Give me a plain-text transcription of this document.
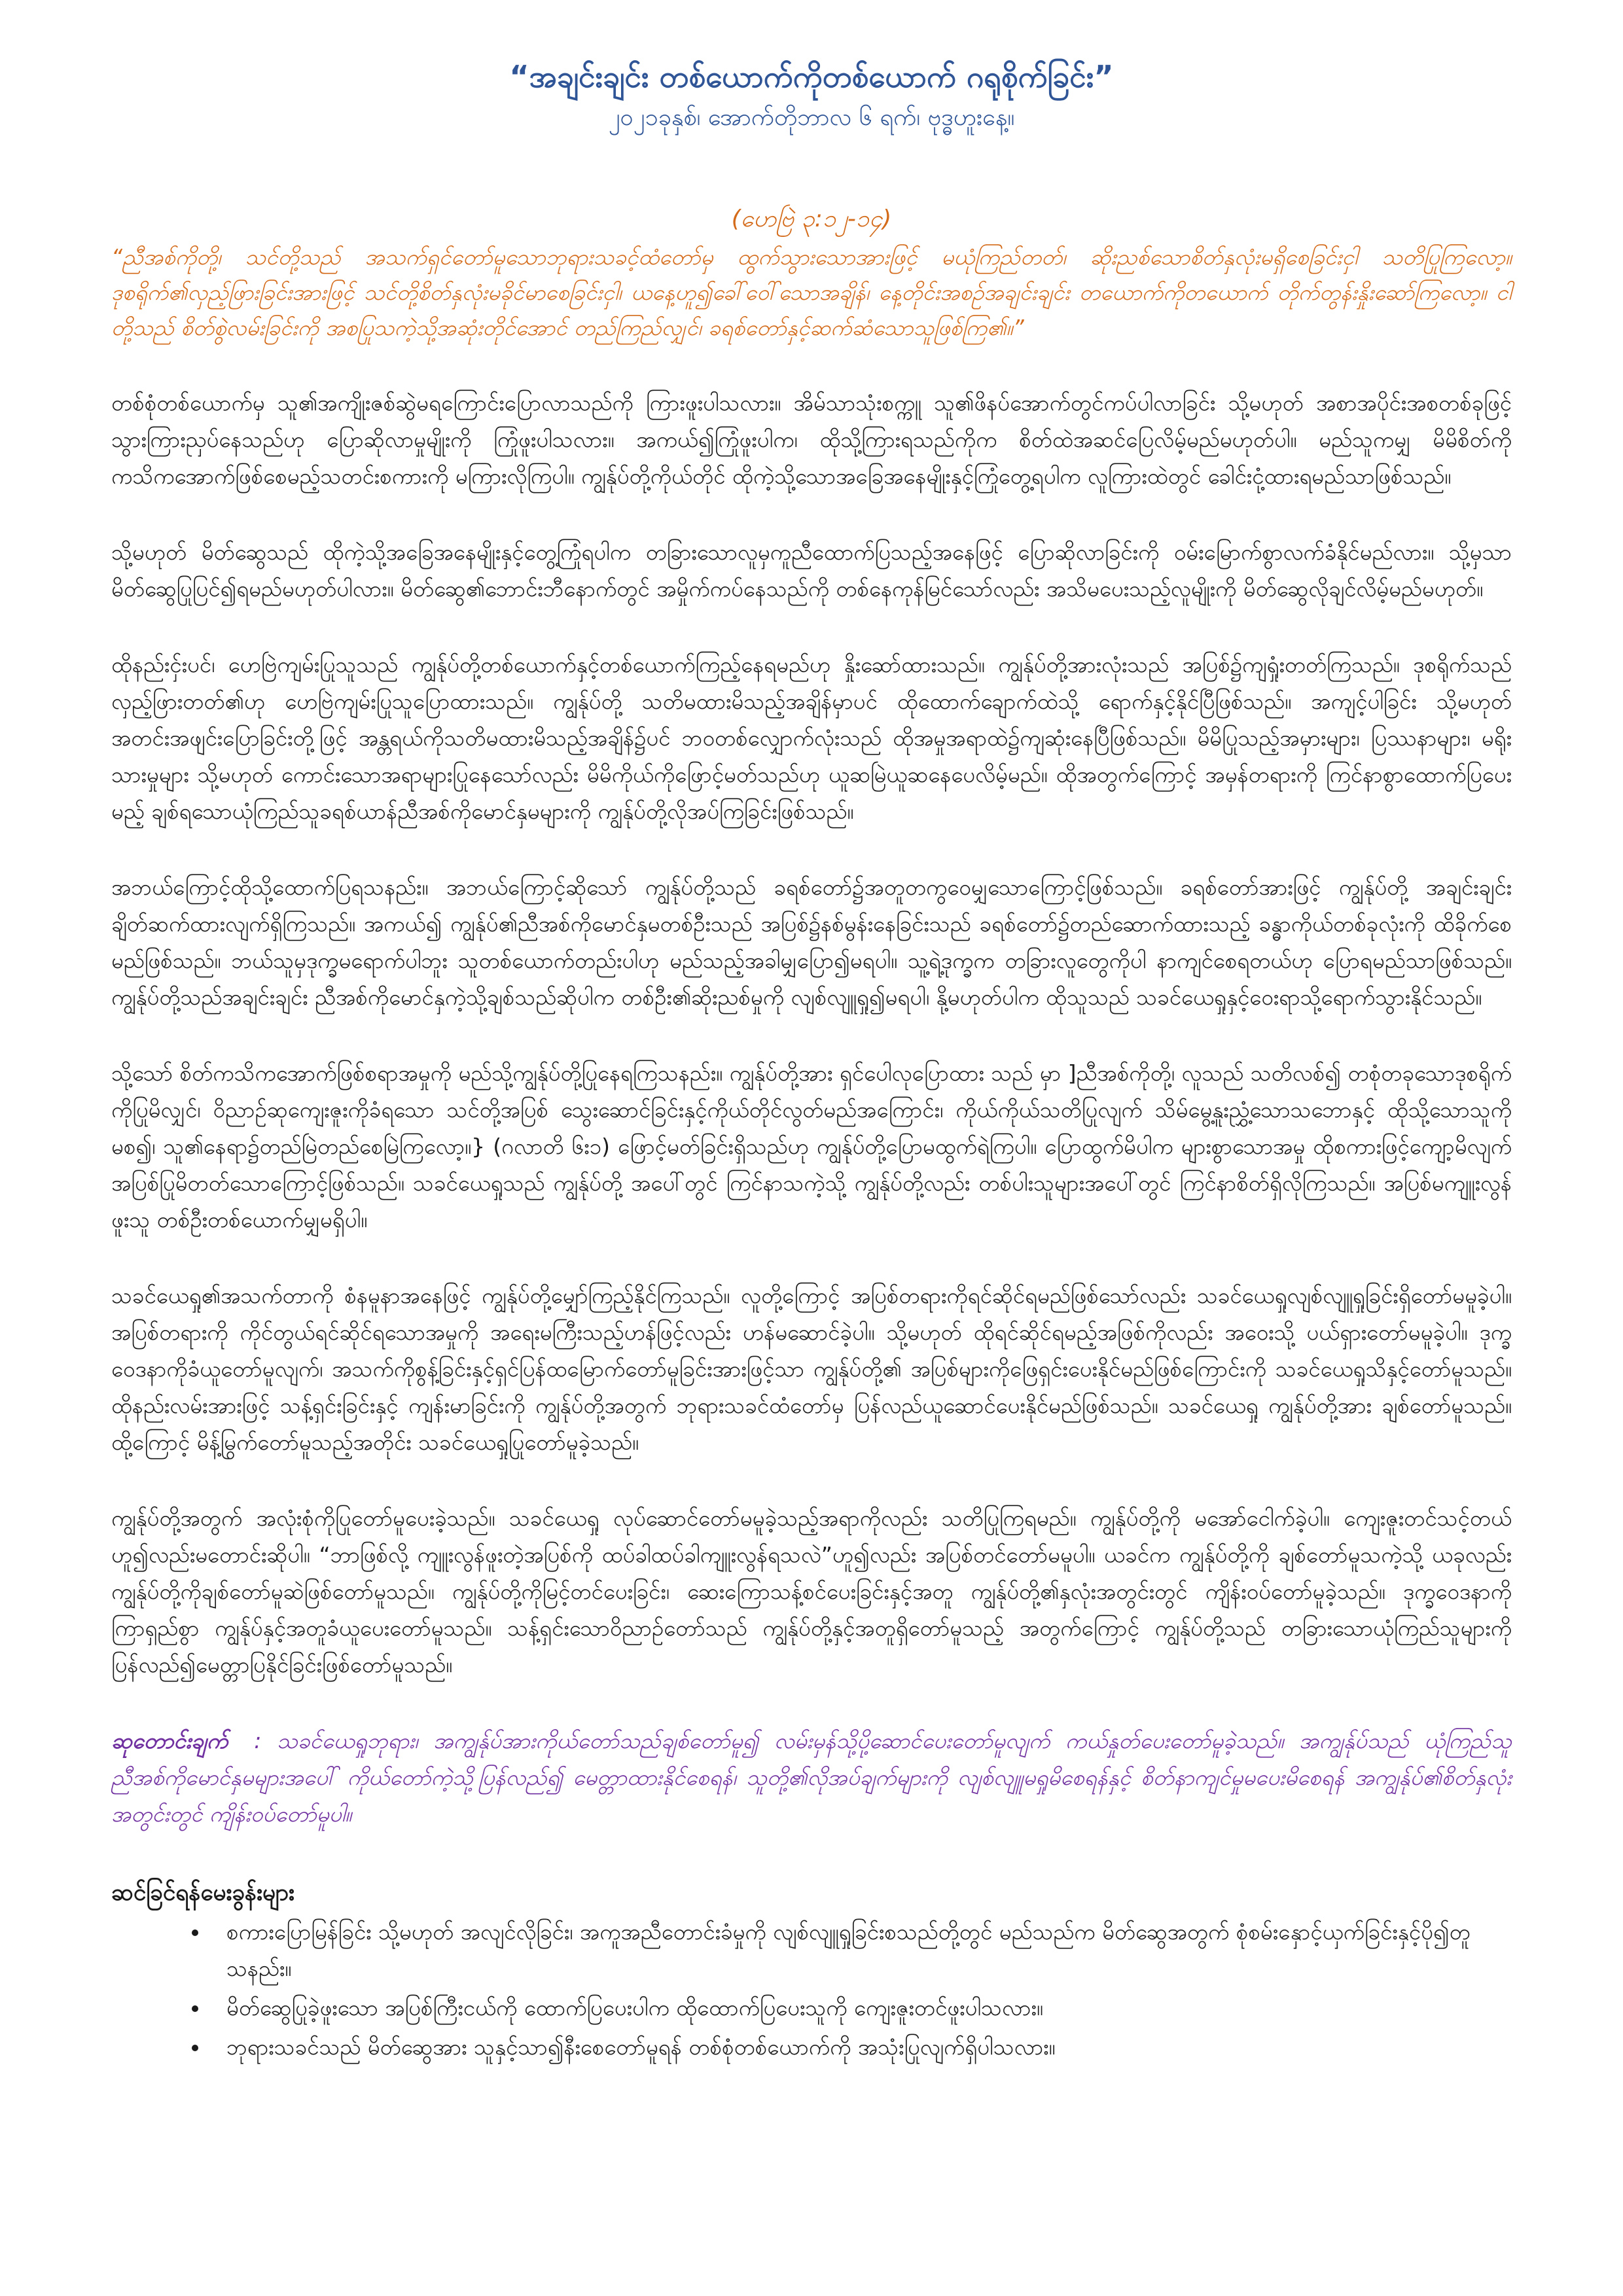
“အချင်းချင်း တစ်ယောက်ကိုတစ်ယောက် ဂရုစိုက်ခြင်း”

၂၀၂၁ခုနှစ်၊ အောက်တိုဘာလ ၆ ရက်၊ ဗုဒ္ဓဟူးနေ့။

(ဟေဗြဲ ၃:၁၂-၁၄)

“ညီအစ်ကိုတို့၊ သင်တို့သည် အသက်ရှင်တော်မူသောဘုရားသခင့်ထံတော်မှ ထွက်သွားသောအားဖြင့် မယုံကြည်တတ်၊ ဆိုးညစ်သောစိတ်နှလုံးမရှိစေခြင်းငှါ သတိပြုကြလော့။ ဒုစရိုက်၏လှည့်ဖြားခြင်းအားဖြင့် သင်တို့စိတ်နှလုံးမခိုင်မာစေခြင်းငှါ၊ ယနေ့ဟူ၍ခေါ်ဝေါ်သောအချိန်၊ နေ့တိုင်းအစဉ်အချင်းချင်း တယောက်ကိုတယောက် တိုက်တွန်းနှိုးဆော်ကြလော့။ ငါတို့သည် စိတ်စွဲလမ်းခြင်းကို အစပြုသကဲ့သို့အဆုံးတိုင်အောင် တည်ကြည်လျှင်၊ ခရစ်တော်နှင့်ဆက်ဆံသောသူဖြစ်ကြ၏။”

တစ်စုံတစ်ယောက်မှ သူ၏အကျိုးဇစ်ဆွဲမရကြောင်းပြောလာသည်ကို ကြားဖူးပါသလား။ အိမ်သာသုံးစက္ကူ သူ၏ဖိနပ်အောက်တွင်ကပ်ပါလာခြင်း သို့မဟုတ် အစာအပိုင်းအစတစ်ခုဖြင့် သွားကြားညှပ်နေသည်ဟု ပြောဆိုလာမှုမျိုးကို ကြုံဖူးပါသလား။ အကယ်၍ကြုံဖူးပါက၊ ထိုသို့ကြားရသည်ကိုက စိတ်ထဲအဆင်ပြေလိမ့်မည်မဟုတ်ပါ။ မည်သူကမျှ မိမိစိတ်ကို ကသိကအောက်ဖြစ်စေမည့်သတင်းစကားကို မကြားလိုကြပါ။ ကျွန်ုပ်တို့ကိုယ်တိုင် ထိုကဲ့သို့သောအခြေအနေမျိုးနှင့်ကြုံတွေ့ရပါက လူကြားထဲတွင် ခေါင်းငုံ့ထားရမည်သာဖြစ်သည်။

သို့မဟုတ် မိတ်ဆွေသည် ထိုကဲ့သို့အခြေအနေမျိုးနှင့်တွေ့ကြုံရပါက တခြားသောလူမှကူညီထောက်ပြသည့်အနေဖြင့် ပြောဆိုလာခြင်းကို ဝမ်းမြောက်စွာလက်ခံနိုင်မည်လား။ သို့မှသာ မိတ်ဆွေပြုပြင်၍ရမည်မဟုတ်ပါလား။ မိတ်ဆွေ၏ဘောင်းဘီနောက်တွင် အမှိုက်ကပ်နေသည်ကို တစ်နေကုန်မြင်သော်လည်း အသိမပေးသည့်လူမျိုးကို မိတ်ဆွေလိုချင်လိမ့်မည်မဟုတ်။

ထိုနည်းငှ်းပင်၊ ဟေဗြဲကျမ်းပြုသူသည် ကျွန်ုပ်တို့တစ်ယောက်နှင့်တစ်ယောက်ကြည့်နေရမည်ဟု နှိုးဆော်ထားသည်။ ကျွန်ုပ်တို့အားလုံးသည် အပြစ်၌ကျရှုံးတတ်ကြသည်။ ဒုစရိုက်သည်လှည့်ဖြားတတ်၏ဟု ဟေဗြဲကျမ်းပြုသူပြောထားသည်။ ကျွန်ုပ်တို့ သတိမထားမိသည့်အချိန်မှာပင် ထိုထောက်ချောက်ထဲသို့ ရောက်နှင့်နိုင်ပြီဖြစ်သည်။ အကျင့်ပါခြင်း သို့မဟုတ် အတင်းအဖျင်းပြောခြင်းတို့ဖြင့် အန္တရယ်ကိုသတိမထားမိသည့်အချိန်၌ပင် ဘဝတစ်လျှောက်လုံးသည် ထိုအမှုအရာထဲ၌ကျဆုံးနေပြီဖြစ်သည်။ မိမိပြုသည့်အမှားများ၊ ပြဿနာများ၊ မရိုးသားမှုများ သို့မဟုတ် ကောင်းသောအရာများပြုနေသော်လည်း မိမိကိုယ်ကိုဖြောင့်မတ်သည်ဟု ယူဆမြဲယူဆနေပေလိမ့်မည်။ ထိုအတွက်ကြောင့် အမှန်တရားကို ကြင်နာစွာထောက်ပြပေးမည့် ချစ်ရသောယုံကြည်သူခရစ်ယာန်ညီအစ်ကိုမောင်နှမများကို ကျွန်ုပ်တို့လိုအပ်ကြခြင်းဖြစ်သည်။

အဘယ်ကြောင့်ထိုသို့ထောက်ပြရသနည်း။ အဘယ်ကြောင့်ဆိုသော် ကျွန်ုပ်တို့သည် ခရစ်တော်၌အတူတကွဝေမျှသောကြောင့်ဖြစ်သည်။ ခရစ်တော်အားဖြင့် ကျွန်ုပ်တို့ အချင်းချင်းချိတ်ဆက်ထားလျက်ရှိကြသည်။ အကယ်၍ ကျွန်ုပ်၏ညီအစ်ကိုမောင်နှမတစ်ဦးသည် အပြစ်၌နစ်မွန်းနေခြင်းသည် ခရစ်တော်၌တည်ဆောက်ထားသည့် ခန္ဓာကိုယ်တစ်ခုလုံးကို ထိခိုက်စေမည်ဖြစ်သည်။ ဘယ်သူမှဒုက္ခမရောက်ပါဘူး သူတစ်ယောက်တည်းပါဟု မည်သည့်အခါမျှပြော၍မရပါ။ သူ့ရဲ့ဒုက္ခက တခြားလူတွေကိုပါ နာကျင်စေရတယ်ဟု ပြောရမည်သာဖြစ်သည်။ ကျွန်ုပ်တို့သည်အချင်းချင်း ညီအစ်ကိုမောင်နှကဲ့သို့ချစ်သည်ဆိုပါက တစ်ဦး၏ဆိုးညစ်မှုကို လျစ်လျူရှု၍မရပါ၊ နို့မဟုတ်ပါက ထိုသူသည် သခင်ယေရှုနှင့်ဝေးရာသို့ရောက်သွားနိုင်သည်။

သို့သော် စိတ်ကသိကအောက်ဖြစ်စရာအမှုကို မည်သို့ကျွန်ုပ်တို့ပြုနေရကြသနည်း။ ကျွန်ုပ်တို့အား ရှင်ပေါလုပြောထား သည် မှာ ]ညီအစ်ကိုတို့၊ လူသည် သတိလစ်၍ တစုံတခုသောဒုစရိုက်ကိုပြုမိလျှင်၊ ဝိညာဉ်ဆုကျေးဇူးကိုခံရသော သင်တို့အပြစ် သွေးဆောင်ခြင်းနှင့်ကိုယ်တိုင်လွတ်မည်အကြောင်း၊ ကိုယ်ကိုယ်သတိပြုလျက် သိမ်မွေ့နူးညွှံ့သောသဘောနှင့် ထိုသို့သောသူကို မစ၍၊ သူ၏နေရာ၌တည်မြဲတည်စေမြဲကြလော့။} (ဂလာတိ ၆း၁) ဖြောင့်မတ်ခြင်းရှိသည်ဟု ကျွန်ုပ်တို့ပြောမထွက်ရဲကြပါ။ ပြောထွက်မိပါက များစွာသောအမှု ထိုစကားဖြင့်ကျော့မိလျက် အပြစ်ပြုမိတတ်သောကြောင့်ဖြစ်သည်။ သခင်ယေရှုသည် ကျွန်ုပ်တို့ အပေါ်တွင် ကြင်နာသကဲ့သို့ ကျွန်ုပ်တို့လည်း တစ်ပါးသူများအပေါ်တွင် ကြင်နာစိတ်ရှိလိုကြသည်။ အပြစ်မကျူးလွန်ဖူးသူ တစ်ဦးတစ်ယောက်မျှမရှိပါ။

သခင်ယေရှု၏အသက်တာကို စံနမူနာအနေဖြင့် ကျွန်ုပ်တို့မျှော်ကြည့်နိုင်ကြသည်။ လူတို့ကြောင့် အပြစ်တရားကိုရင်ဆိုင်ရမည်ဖြစ်သော်လည်း သခင်ယေရှုလျစ်လျူရှုခြင်းရှိတော်မမူခဲ့ပါ။ အပြစ်တရားကို ကိုင်တွယ်ရင်ဆိုင်ရသောအမှုကို အရေးမကြီးသည့်ဟန်ဖြင့်လည်း ဟန်မဆောင်ခဲ့ပါ။ သို့မဟုတ် ထိုရင်ဆိုင်ရမည့်အဖြစ်ကိုလည်း အဝေးသို့ ပယ်ရှားတော်မမူခဲ့ပါ။ ဒုက္ခဝေဒနာကိုခံယူတော်မူလျက်၊ အသက်ကိုစွန့်ခြင်းနှင့်ရှင်ပြန်ထမြောက်တော်မူခြင်းအားဖြင့်သာ ကျွန်ုပ်တို့၏ အပြစ်များကိုဖြေရှင်းပေးနိုင်မည်ဖြစ်ကြောင်းကို သခင်ယေရှုသိနှင့်တော်မူသည်။ ထိုနည်းလမ်းအားဖြင့် သန့်ရှင်းခြင်းနှင့် ကျန်းမာခြင်းကို ကျွန်ုပ်တို့အတွက် ဘုရားသခင်ထံတော်မှ ပြန်လည်ယူဆောင်ပေးနိုင်မည်ဖြစ်သည်။ သခင်ယေရှု ကျွန်ုပ်တို့အား ချစ်တော်မူသည်။ ထို့ကြောင့် မိန့်မြွက်တော်မူသည့်အတိုင်း သခင်ယေရှုပြုတော်မူခဲ့သည်။

ကျွန်ုပ်တို့အတွက် အလုံးစုံကိုပြုတော်မူပေးခဲ့သည်။ သခင်ယေရှု လုပ်ဆောင်တော်မမူခဲ့သည့်အရာကိုလည်း သတိပြုကြရမည်။ ကျွန်ုပ်တို့ကို မအော်ငေါက်ခဲ့ပါ။ ကျေးဇူးတင်သင့်တယ်ဟူ၍လည်းမတောင်းဆိုပါ။ “ဘာဖြစ်လို့ ကျူးလွန်ဖူးတဲ့အပြစ်ကို ထပ်ခါထပ်ခါကျူးလွန်ရသလဲ”ဟူ၍လည်း အပြစ်တင်တော်မမူပါ။ ယခင်က ကျွန်ုပ်တို့ကို ချစ်တော်မူသကဲ့သို့ ယခုလည်း ကျွန်ုပ်တို့ကိုချစ်တော်မူဆဲဖြစ်တော်မူသည်။ ကျွန်ုပ်တို့ကိုမြင့်တင်ပေးခြင်း၊ ဆေးကြောသန့်စင်ပေးခြင်းနှင့်အတူ ကျွန်ုပ်တို့၏နှလုံးအတွင်းတွင် ကျိန်းဝပ်တော်မူခဲ့သည်။ ဒုက္ခဝေဒနာကိုကြာရှည်စွာ ကျွန်ုပ်နှင့်အတူခံယူပေးတော်မူသည်။ သန့်ရှင်းသောဝိညာဉ်တော်သည် ကျွန်ုပ်တို့နှင့်အတူရှိတော်မူသည့် အတွက်ကြောင့် ကျွန်ုပ်တို့သည် တခြားသောယုံကြည်သူများကို ပြန်လည်၍မေတ္တာပြနိုင်ခြင်းဖြစ်တော်မူသည်။

ဆုတောင်းချက် : သခင်ယေရှုဘုရား၊ အကျွန်ုပ်အားကိုယ်တော်သည်ချစ်တော်မူ၍ လမ်းမှန်သို့ပို့ဆောင်ပေးတော်မူလျက် ကယ်နှုတ်ပေးတော်မူခဲ့သည်။ အကျွန်ုပ်သည် ယုံကြည်သူညီအစ်ကိုမောင်နှမများအပေါ် ကိုယ်တော်ကဲ့သို့ပြန်လည်၍ မေတ္တာထားနိုင်စေရန်၊ သူတို့၏လိုအပ်ချက်များကို လျစ်လျူမရှုမိစေရန်နှင့် စိတ်နာကျင်မှုမပေးမိစေရန် အကျွန်ုပ်၏စိတ်နှလုံးအတွင်းတွင် ကျိန်းဝပ်တော်မူပါ။

ဆင်ခြင်ရန်မေးခွန်းများ

• စကားပြောမြန်ခြင်း သို့မဟုတ် အလျင်လိုခြင်း၊ အကူအညီတောင်းခံမှုကို လျစ်လျူရှုခြင်းစသည်တို့တွင် မည်သည်က မိတ်ဆွေအတွက် စုံစမ်းနှောင့်ယှက်ခြင်းနှင့်ပို၍တူသနည်း။
• မိတ်ဆွေပြုခဲ့ဖူးသော အပြစ်ကြီးငယ်ကို ထောက်ပြပေးပါက ထိုထောက်ပြပေးသူကို ကျေးဇူးတင်ဖူးပါသလား။
• ဘုရားသခင်သည် မိတ်ဆွေအား သူနှင့်သာ၍နီးစေတော်မူရန် တစ်စုံတစ်ယောက်ကို အသုံးပြုလျက်ရှိပါသလား။
